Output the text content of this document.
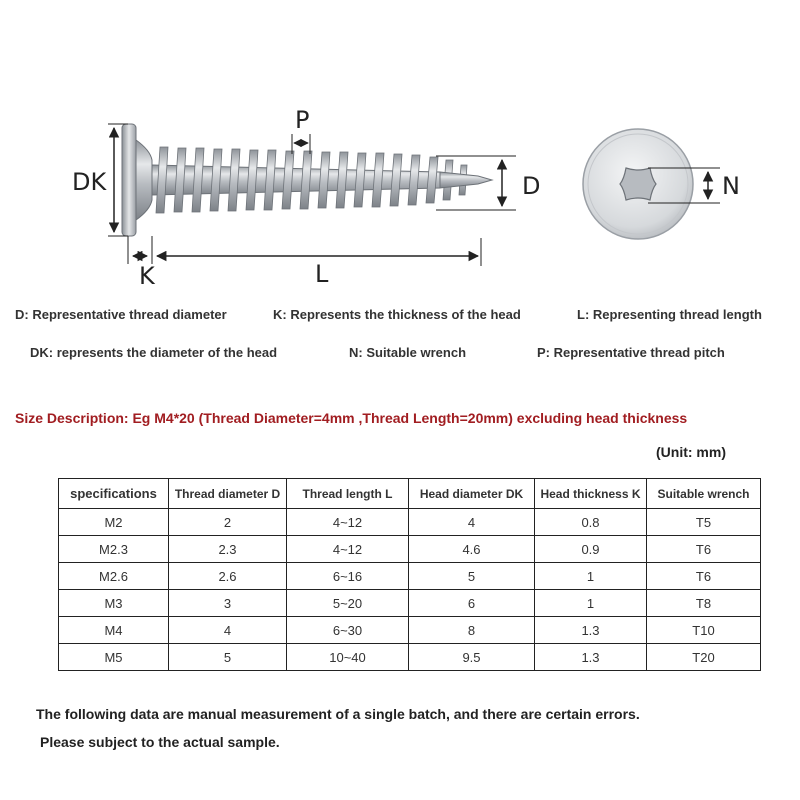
DK
K	L
P
D	N
D: Representative thread diameter	K: Represents the thickness of the head	L: Representing thread length
DK: represents the diameter of the head	N: Suitable wrench	P: Representative thread pitch
Size Description: Eg M4*20 (Thread Diameter=4mm ,Thread Length=20mm) excluding head thickness
(Unit: mm)
specifications	Thread diameter D	Thread length L	Head diameter DK	Head thickness K	Suitable wrench
M2	2	4~12	4	0.8	T5
M2.3	2.3	4~12	4.6	0.9	T6
M2.6	2.6	6~16	5	1	T6
M3	3	5~20	6	1	T8
M4	4	6~30	8	1.3	T10
M5	5	10~40	9.5	1.3	T20
The following data are manual measurement of a single batch, and there are certain errors.
Please subject to the actual sample.
